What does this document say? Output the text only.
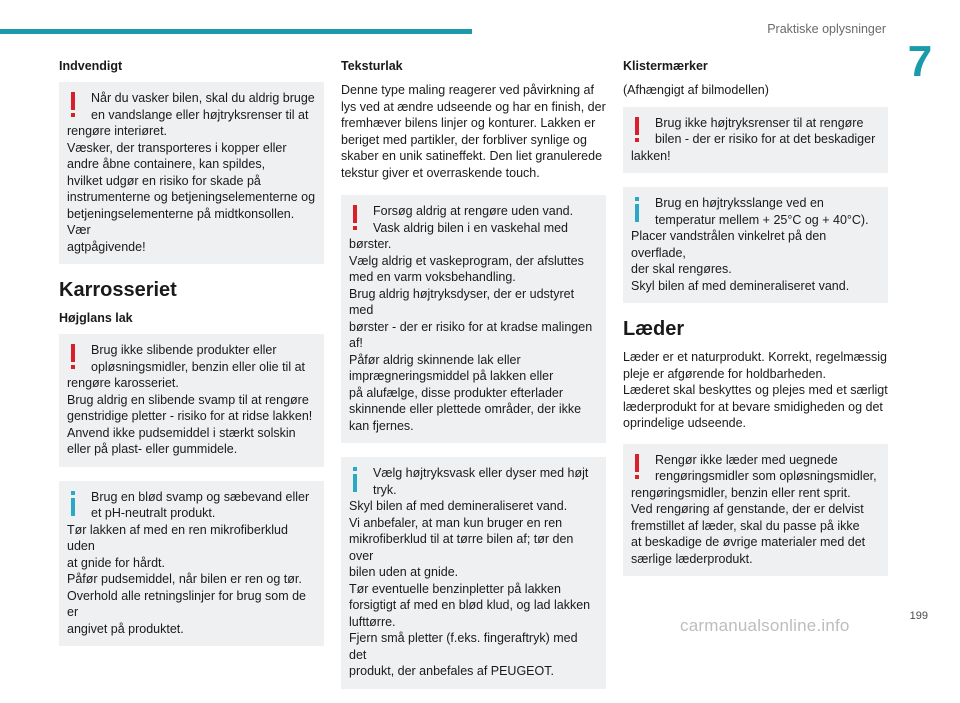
Praktiske oplysninger
7
Indvendigt
Når du vasker bilen, skal du aldrig bruge
en vandslange eller højtryksrenser til at
rengøre interiøret.
Væsker, der transporteres i kopper eller
andre åbne containere, kan spildes,
hvilket udgør en risiko for skade på
instrumenterne og betjeningselementerne og
betjeningselementerne på midtkonsollen. Vær
agtpågivende!
Karrosseriet
Højglans lak
Brug ikke slibende produkter eller
opløsningsmidler, benzin eller olie til at
rengøre karosseriet.
Brug aldrig en slibende svamp til at rengøre
genstridige pletter - risiko for at ridse lakken!
Anvend ikke pudsemiddel i stærkt solskin
eller på plast- eller gummidele.
Brug en blød svamp og sæbevand eller
et pH-neutralt produkt.
Tør lakken af med en ren mikrofiberklud uden
at gnide for hårdt.
Påfør pudsemiddel, når bilen er ren og tør.
Overhold alle retningslinjer for brug som de er
angivet på produktet.
Teksturlak
Denne type maling reagerer ved påvirkning af
lys ved at ændre udseende og har en finish, der
fremhæver bilens linjer og konturer. Lakken er
beriget med partikler, der forbliver synlige og
skaber en unik satineffekt. Den liet granulerede
tekstur giver et overraskende touch.
Forsøg aldrig at rengøre uden vand.
Vask aldrig bilen i en vaskehal med
børster.
Vælg aldrig et vaskeprogram, der afsluttes
med en varm voksbehandling.
Brug aldrig højtryksdyser, der er udstyret med
børster - der er risiko for at kradse malingen
af!
Påfør aldrig skinnende lak eller
imprægneringsmiddel på lakken eller
på alufælge, disse produkter efterlader
skinnende eller plettede områder, der ikke
kan fjernes.
Vælg højtryksvask eller dyser med højt
tryk.
Skyl bilen af med demineraliseret vand.
Vi anbefaler, at man kun bruger en ren
mikrofiberklud til at tørre bilen af; tør den over
bilen uden at gnide.
Tør eventuelle benzinpletter på lakken
forsigtigt af med en blød klud, og lad lakken
lufttørre.
Fjern små pletter (f.eks. fingeraftryk) med det
produkt, der anbefales af PEUGEOT.
Klistermærker
(Afhængigt af bilmodellen)
Brug ikke højtryksrenser til at rengøre
bilen - der er risiko for at det beskadiger
lakken!
Brug en højtryksslange ved en
temperatur mellem + 25°C og + 40°C).
Placer vandstrålen vinkelret på den overflade,
der skal rengøres.
Skyl bilen af med demineraliseret vand.
Læder
Læder er et naturprodukt. Korrekt, regelmæssig
pleje er afgørende for holdbarheden.
Læderet skal beskyttes og plejes med et særligt
læderprodukt for at bevare smidigheden og det
oprindelige udseende.
Rengør ikke læder med uegnede
rengøringsmidler som opløsningsmidler,
rengøringsmidler, benzin eller rent sprit.
Ved rengøring af genstande, der er delvist
fremstillet af læder, skal du passe på ikke
at beskadige de øvrige materialer med det
særlige læderprodukt.
199
carmanualsonline.info
